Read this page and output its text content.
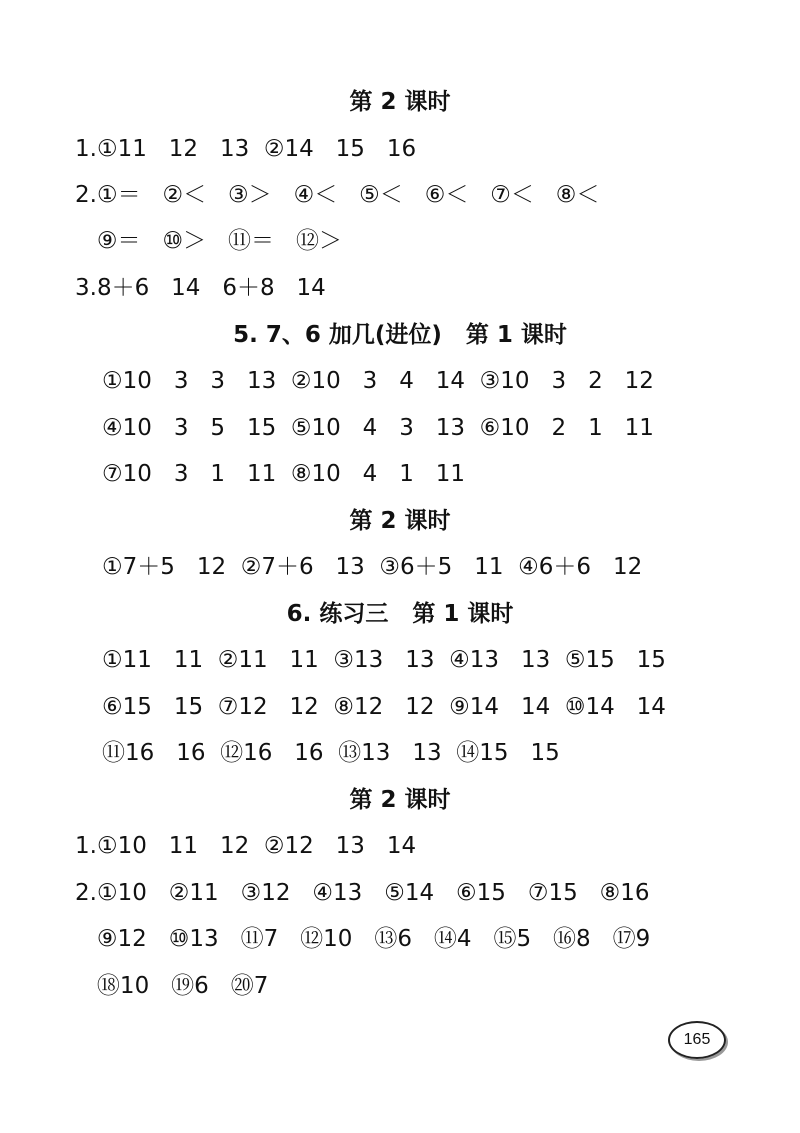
第 2 课时
1.①11   12   13  ②14   15   16
2.①＝   ②＜   ③＞   ④＜   ⑤＜   ⑥＜   ⑦＜   ⑧＜
⑨＝   ⑩＞   ⑪＝   ⑫＞
3.8＋6   14   6＋8   14
5. 7、6 加几(进位)   第 1 课时
①10   3   3   13  ②10   3   4   14  ③10   3   2   12
④10   3   5   15  ⑤10   4   3   13  ⑥10   2   1   11
⑦10   3   1   11  ⑧10   4   1   11
第 2 课时
①7＋5   12  ②7＋6   13  ③6＋5   11  ④6＋6   12
6. 练习三   第 1 课时
①11   11  ②11   11  ③13   13  ④13   13  ⑤15   15
⑥15   15  ⑦12   12  ⑧12   12  ⑨14   14  ⑩14   14
⑪16   16  ⑫16   16  ⑬13   13  ⑭15   15
第 2 课时
1.①10   11   12  ②12   13   14
2.①10   ②11   ③12   ④13   ⑤14   ⑥15   ⑦15   ⑧16
⑨12   ⑩13   ⑪7   ⑫10   ⑬6   ⑭4   ⑮5   ⑯8   ⑰9
⑱10   ⑲6   ⑳7
165
